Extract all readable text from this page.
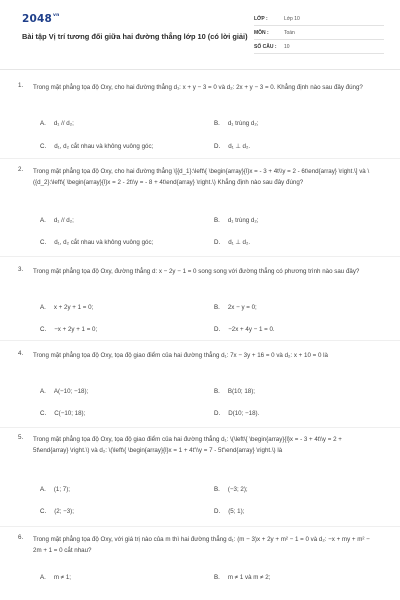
$2048^{vn}$
Bài tập Vị trí tương đối giữa hai đường thẳng lớp 10 (có lời giải)
LỚP :	Lớp 10
MÔN :	Toán
SỐ CÂU :	10
1. Trong mặt phẳng tọa độ Oxy, cho hai đường thẳng d₁: x + y − 3 = 0 và d₂: 2x + y − 3 = 0. Khẳng định nào sau đây đúng?
A. d₁ // d₂;	B. d₁ trùng d₂;
C. d₁, d₂ cắt nhau và không vuông góc;	D. d₁ ⊥ d₂.
2. Trong mặt phẳng tọa độ Oxy, cho hai đường thẳng \[{d_1}:\left\{ \begin{array}{l}x = - 3 + 4t\\y = 2 - 6t\end{array} \right.\] và \({d_2}:\left\{ \begin{array}{l}x = 2 - 2t\\y = - 8 + 4t\end{array} \right.\) Khẳng định nào sau đây đúng?
A. d₁ // d₂;	B. d₁ trùng d₂;
C. d₁, d₂ cắt nhau và không vuông góc;	D. d₁ ⊥ d₂.
3. Trong mặt phẳng tọa độ Oxy, đường thẳng d: x − 2y − 1 = 0 song song với đường thẳng có phương trình nào sau đây?
A. x + 2y + 1 = 0;	B. 2x − y = 0;
C. −x + 2y + 1 = 0;	D. −2x + 4y − 1 = 0.
4. Trong mặt phẳng tọa độ Oxy, tọa độ giao điểm của hai đường thẳng d₁: 7x − 3y + 16 = 0 và d₂: x + 10 = 0 là
A. A(−10; −18);	B. B(10; 18);
C. C(−10; 18);	D. D(10; −18).
5. Trong mặt phẳng tọa độ Oxy, tọa độ giao điểm của hai đường thẳng d₁: \(\left\{ \begin{array}{l}x = - 3 + 4t\\y = 2 + 5t\end{array} \right.\) và d₂: \(\left\{ \begin{array}{l}x = 1 + 4t'\\y = 7 - 5t'\end{array} \right.\) là
A. (1; 7);	B. (−3; 2);
C. (2; −3);	D. (5; 1);
6. Trong mặt phẳng tọa độ Oxy, với giá trị nào của m thì hai đường thẳng d₁: (m − 3)x + 2y + m² − 1 = 0 và d₂: −x + my + m² − 2m + 1 = 0 cắt nhau?
A. m ≠ 1;	B. m ≠ 1 và m ≠ 2;
